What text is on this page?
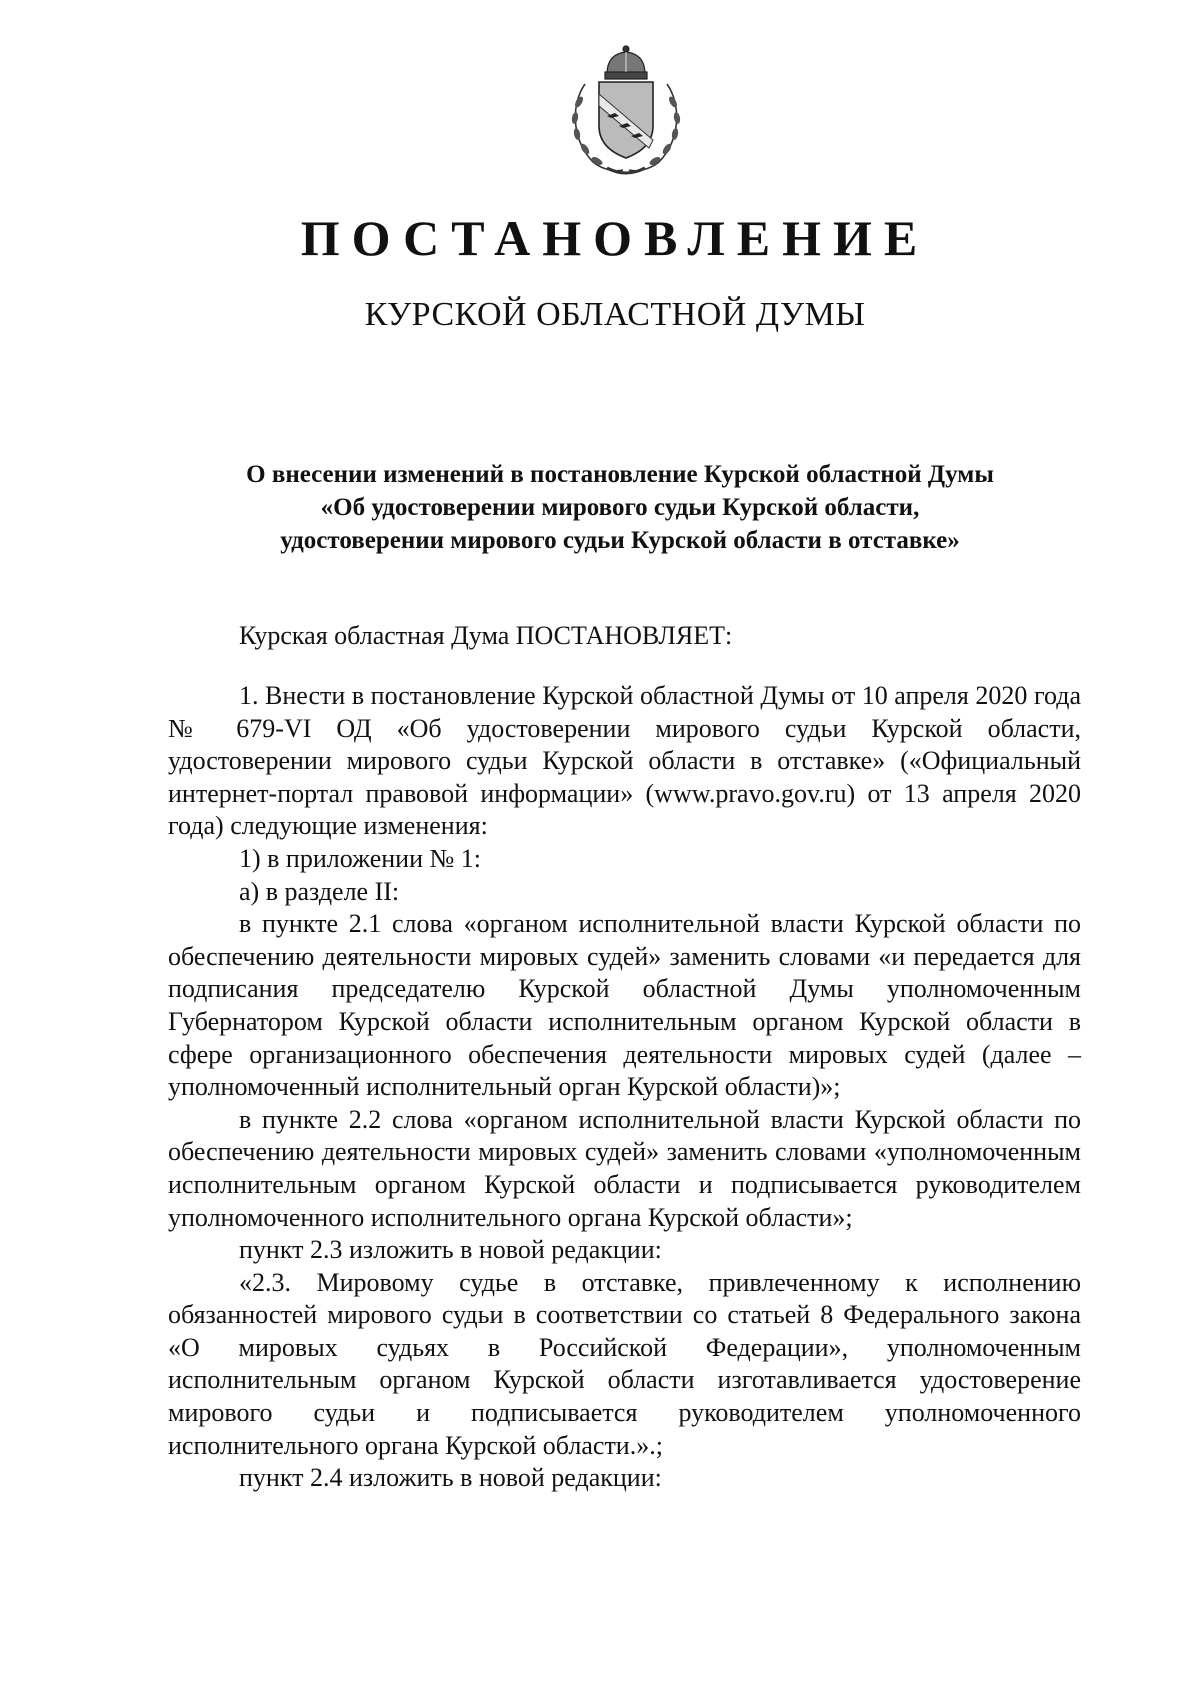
ПОСТАНОВЛЕНИЕ
КУРСКОЙ ОБЛАСТНОЙ ДУМЫ
О внесении изменений в постановление Курской областной Думы
«Об удостоверении мирового судьи Курской области,
удостоверении мирового судьи Курской области в отставке»
Курская областная Дума ПОСТАНОВЛЯЕТ:

1. Внести в постановление Курской областной Думы от 10 апреля 2020 года № 679-VI ОД «Об удостоверении мирового судьи Курской области, удостоверении мирового судьи Курской области в отставке» («Официальный интернет-портал правовой информации» (www.pravo.gov.ru) от 13 апреля 2020 года) следующие изменения:

1) в приложении № 1:

а) в разделе II:

в пункте 2.1 слова «органом исполнительной власти Курской области по обеспечению деятельности мировых судей» заменить словами «и передается для подписания председателю Курской областной Думы уполномоченным Губернатором Курской области исполнительным органом Курской области в сфере организационного обеспечения деятельности мировых судей (далее – уполномоченный исполнительный орган Курской области)»;

в пункте 2.2 слова «органом исполнительной власти Курской области по обеспечению деятельности мировых судей» заменить словами «уполномоченным исполнительным органом Курской области и подписывается руководителем уполномоченного исполнительного органа Курской области»;

пункт 2.3 изложить в новой редакции:

«2.3. Мировому судье в отставке, привлеченному к исполнению обязанностей мирового судьи в соответствии со статьей 8 Федерального закона «О мировых судьях в Российской Федерации», уполномоченным исполнительным органом Курской области изготавливается удостоверение мирового судьи и подписывается руководителем уполномоченного исполнительного органа Курской области.».;

пункт 2.4 изложить в новой редакции:
